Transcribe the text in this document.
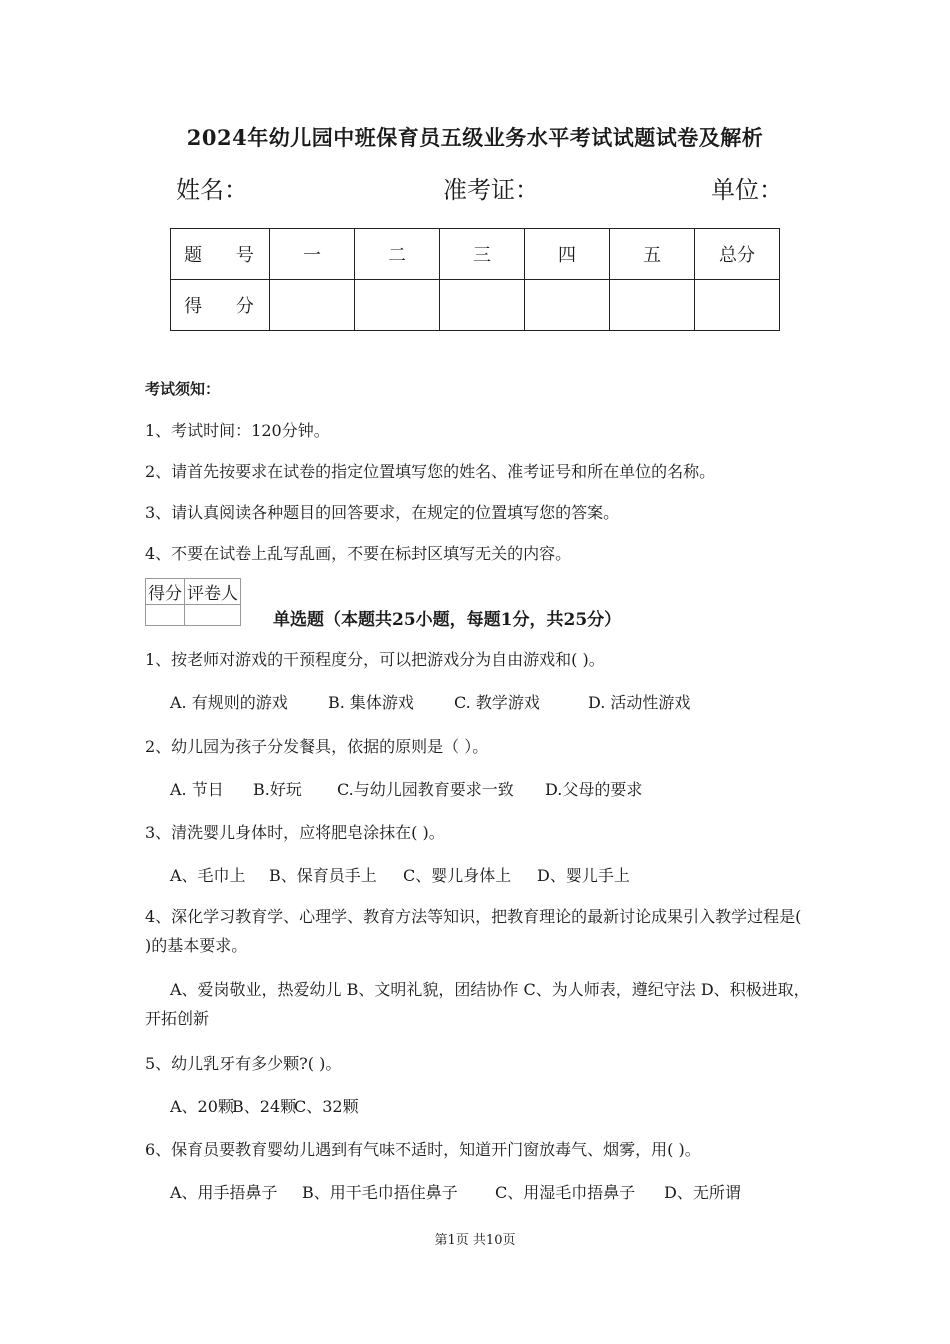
2024年幼儿园中班保育员五级业务水平考试试题试卷及解析
姓名：	准考证：	单位：
题 号	一	二	三	四	五	总分
得 分						
考试须知：
1、考试时间：120分钟。
2、请首先按要求在试卷的指定位置填写您的姓名、准考证号和所在单位的名称。
3、请认真阅读各种题目的回答要求，在规定的位置填写您的答案。
4、不要在试卷上乱写乱画，不要在标封区填写无关的内容。
得分	评卷人

单选题（本题共25小题，每题1分，共25分）
1、按老师对游戏的干预程度分，可以把游戏分为自由游戏和( )。
A. 有规则的游戏	B. 集体游戏	C. 教学游戏	D. 活动性游戏
2、幼儿园为孩子分发餐具，依据的原则是（ ）。
A. 节日 B.好玩 C.与幼儿园教育要求一致 D.父母的要求
3、清洗婴儿身体时，应将肥皂涂抹在( )。
A、毛巾上 B、保育员手上 C、婴儿身体上 D、婴儿手上
4、深化学习教育学、心理学、教育方法等知识，把教育理论的最新讨论成果引入教学过程是( )的基本要求。
A、爱岗敬业，热爱幼儿 B、文明礼貌，团结协作 C、为人师表，遵纪守法 D、积极进取，开拓创新
5、幼儿乳牙有多少颗?( )。
A、20颗B、24颗C、32颗
6、保育员要教育婴幼儿遇到有气味不适时，知道开门窗放毒气、烟雾，用( )。
A、用手捂鼻子 B、用干毛巾捂住鼻子 C、用湿毛巾捂鼻子 D、无所谓
第1页 共10页
